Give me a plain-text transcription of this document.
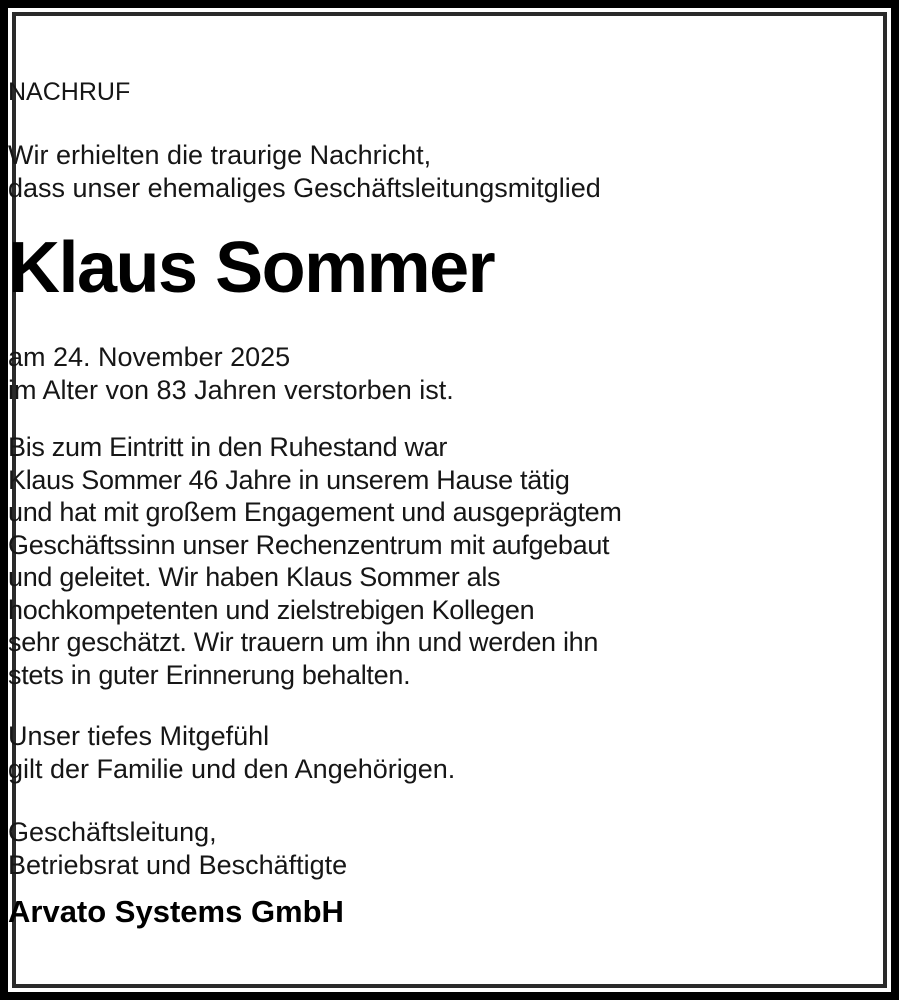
NACHRUF
Wir erhielten die traurige Nachricht,
dass unser ehemaliges Geschäftsleitungsmitglied
Klaus Sommer
am 24. November 2025
im Alter von 83 Jahren verstorben ist.
Bis zum Eintritt in den Ruhestand war
Klaus Sommer 46 Jahre in unserem Hause tätig
und hat mit großem Engagement und ausgeprägtem
Geschäftssinn unser Rechenzentrum mit aufgebaut
und geleitet. Wir haben Klaus Sommer als
hochkompetenten und zielstrebigen Kollegen
sehr geschätzt. Wir trauern um ihn und werden ihn
stets in guter Erinnerung behalten.
Unser tiefes Mitgefühl
gilt der Familie und den Angehörigen.
Geschäftsleitung,
Betriebsrat und Beschäftigte
Arvato Systems GmbH
